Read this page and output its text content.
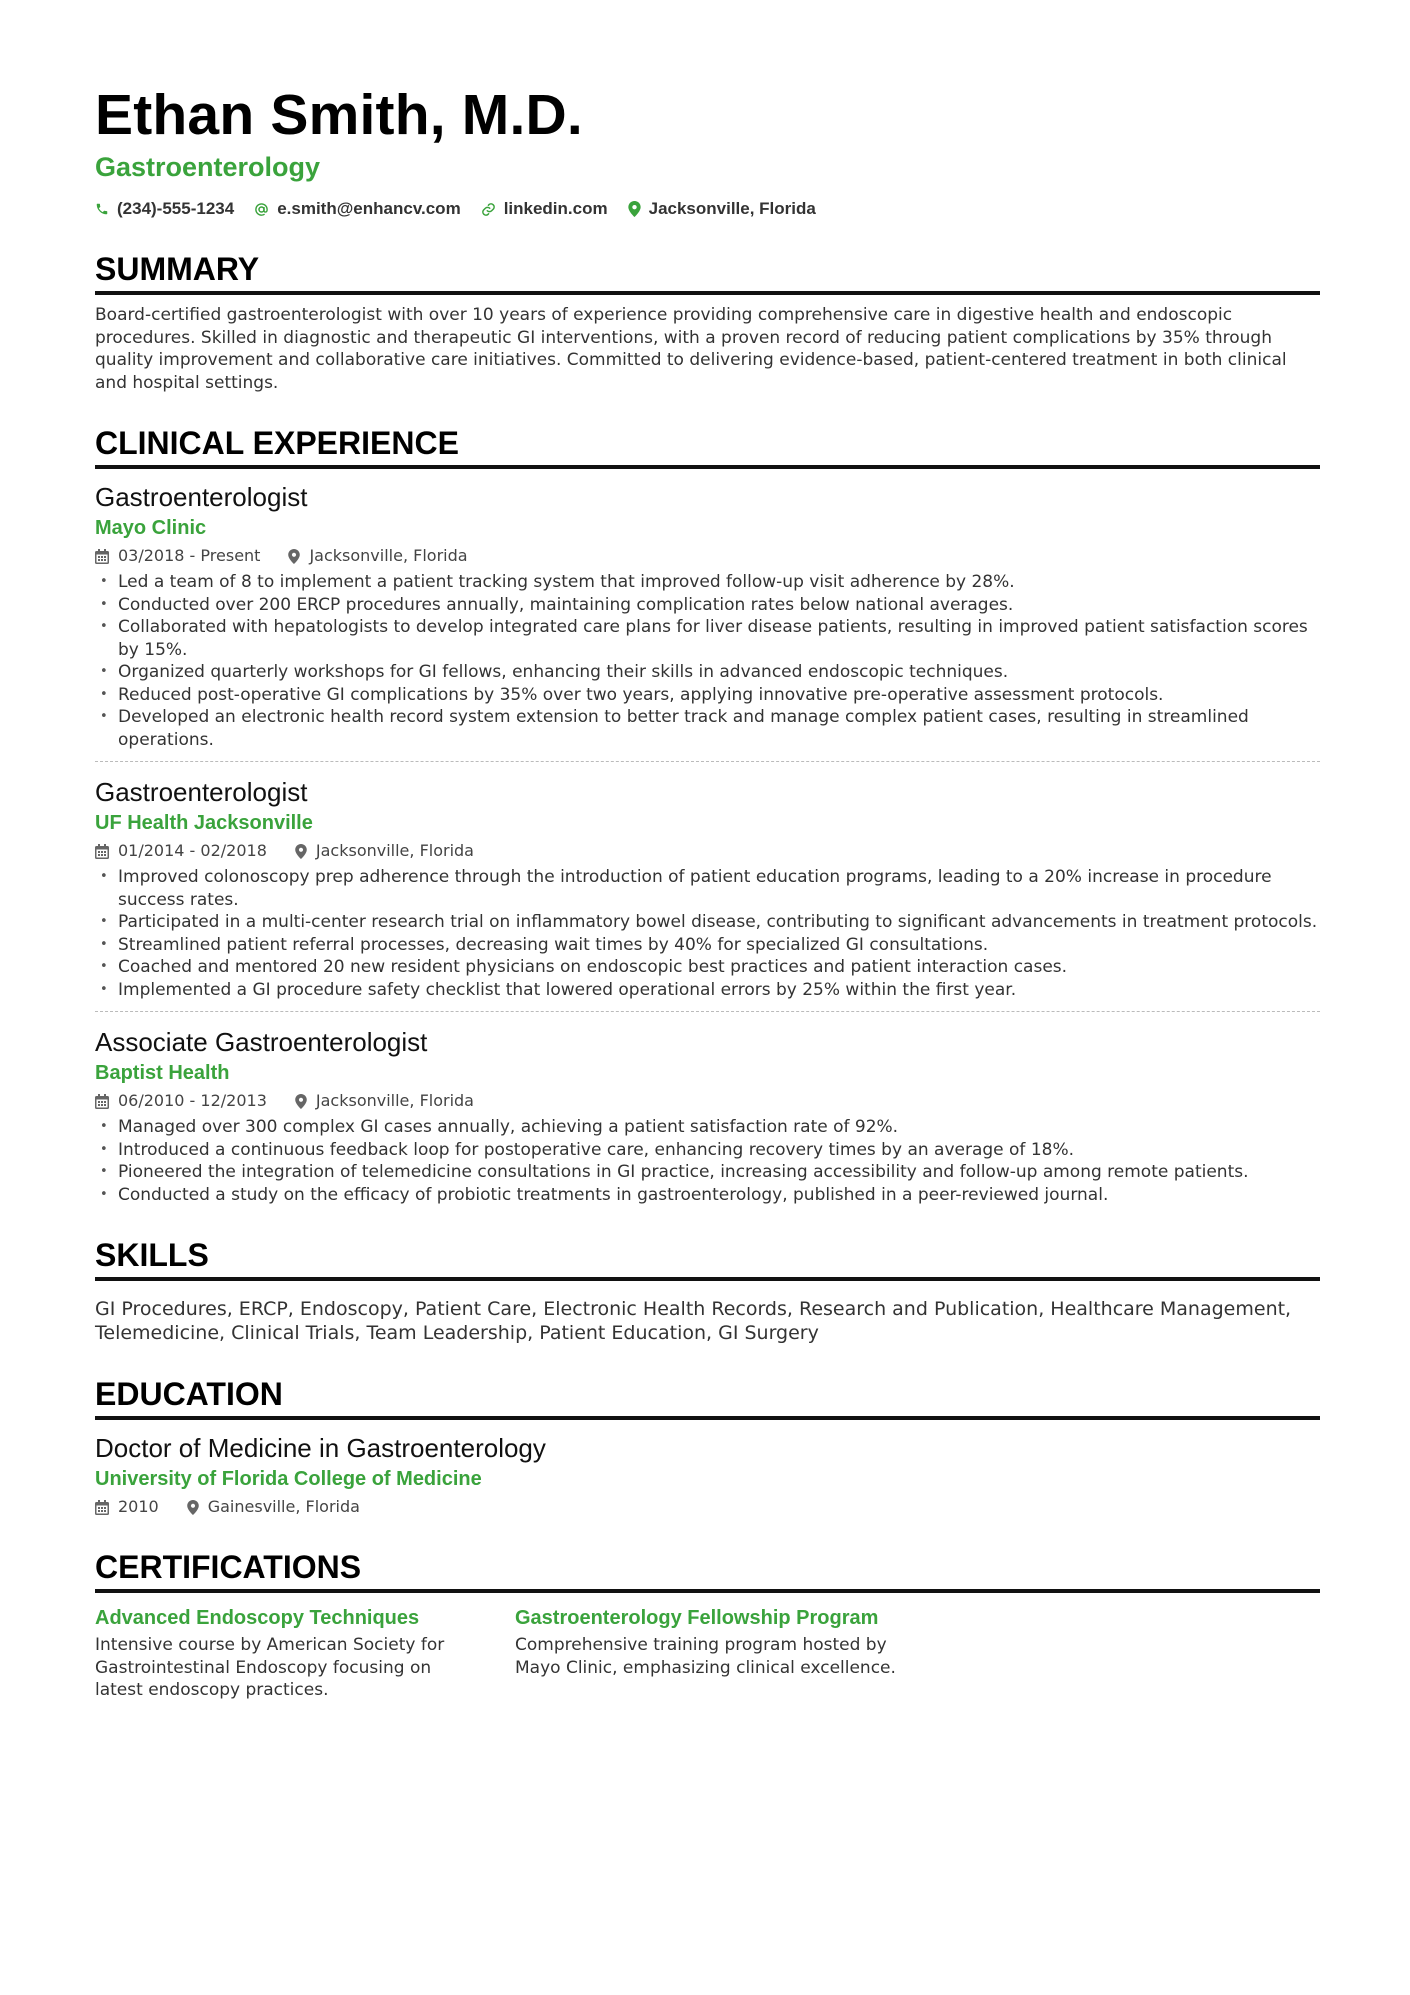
Ethan Smith, M.D.
Gastroenterology
(234)-555-1234	e.smith@enhancv.com	linkedin.com Jacksonville, Florida
SUMMARY
Board-certified gastroenterologist with over 10 years of experience providing comprehensive care in digestive health and endoscopic procedures. Skilled in diagnostic and therapeutic GI interventions, with a proven record of reducing patient complications by 35% through quality improvement and collaborative care initiatives. Committed to delivering evidence-based, patient-centered treatment in both clinical and hospital settings.
CLINICAL EXPERIENCE
Gastroenterologist
Mayo Clinic
03/2018 - Present	Jacksonville, Florida
• Led a team of 8 to implement a patient tracking system that improved follow-up visit adherence by 28%.
• Conducted over 200 ERCP procedures annually, maintaining complication rates below national averages.
• Collaborated with hepatologists to develop integrated care plans for liver disease patients, resulting in improved patient satisfaction scores by 15%.
• Organized quarterly workshops for GI fellows, enhancing their skills in advanced endoscopic techniques.
• Reduced post-operative GI complications by 35% over two years, applying innovative pre-operative assessment protocols.
• Developed an electronic health record system extension to better track and manage complex patient cases, resulting in streamlined operations.
Gastroenterologist
UF Health Jacksonville
01/2014 - 02/2018	Jacksonville, Florida
• Improved colonoscopy prep adherence through the introduction of patient education programs, leading to a 20% increase in procedure success rates.
• Participated in a multi-center research trial on inflammatory bowel disease, contributing to significant advancements in treatment protocols.
• Streamlined patient referral processes, decreasing wait times by 40% for specialized GI consultations.
• Coached and mentored 20 new resident physicians on endoscopic best practices and patient interaction cases.
• Implemented a GI procedure safety checklist that lowered operational errors by 25% within the first year.
Associate Gastroenterologist
Baptist Health
06/2010 - 12/2013	Jacksonville, Florida
• Managed over 300 complex GI cases annually, achieving a patient satisfaction rate of 92%.
• Introduced a continuous feedback loop for postoperative care, enhancing recovery times by an average of 18%.
• Pioneered the integration of telemedicine consultations in GI practice, increasing accessibility and follow-up among remote patients.
• Conducted a study on the efficacy of probiotic treatments in gastroenterology, published in a peer-reviewed journal.
SKILLS
GI Procedures, ERCP, Endoscopy, Patient Care, Electronic Health Records, Research and Publication, Healthcare Management, Telemedicine, Clinical Trials, Team Leadership, Patient Education, GI Surgery
EDUCATION
Doctor of Medicine in Gastroenterology
University of Florida College of Medicine
2010	Gainesville, Florida
CERTIFICATIONS
Advanced Endoscopy Techniques
Intensive course by American Society for Gastrointestinal Endoscopy focusing on latest endoscopy practices.
Gastroenterology Fellowship Program
Comprehensive training program hosted by Mayo Clinic, emphasizing clinical excellence.
